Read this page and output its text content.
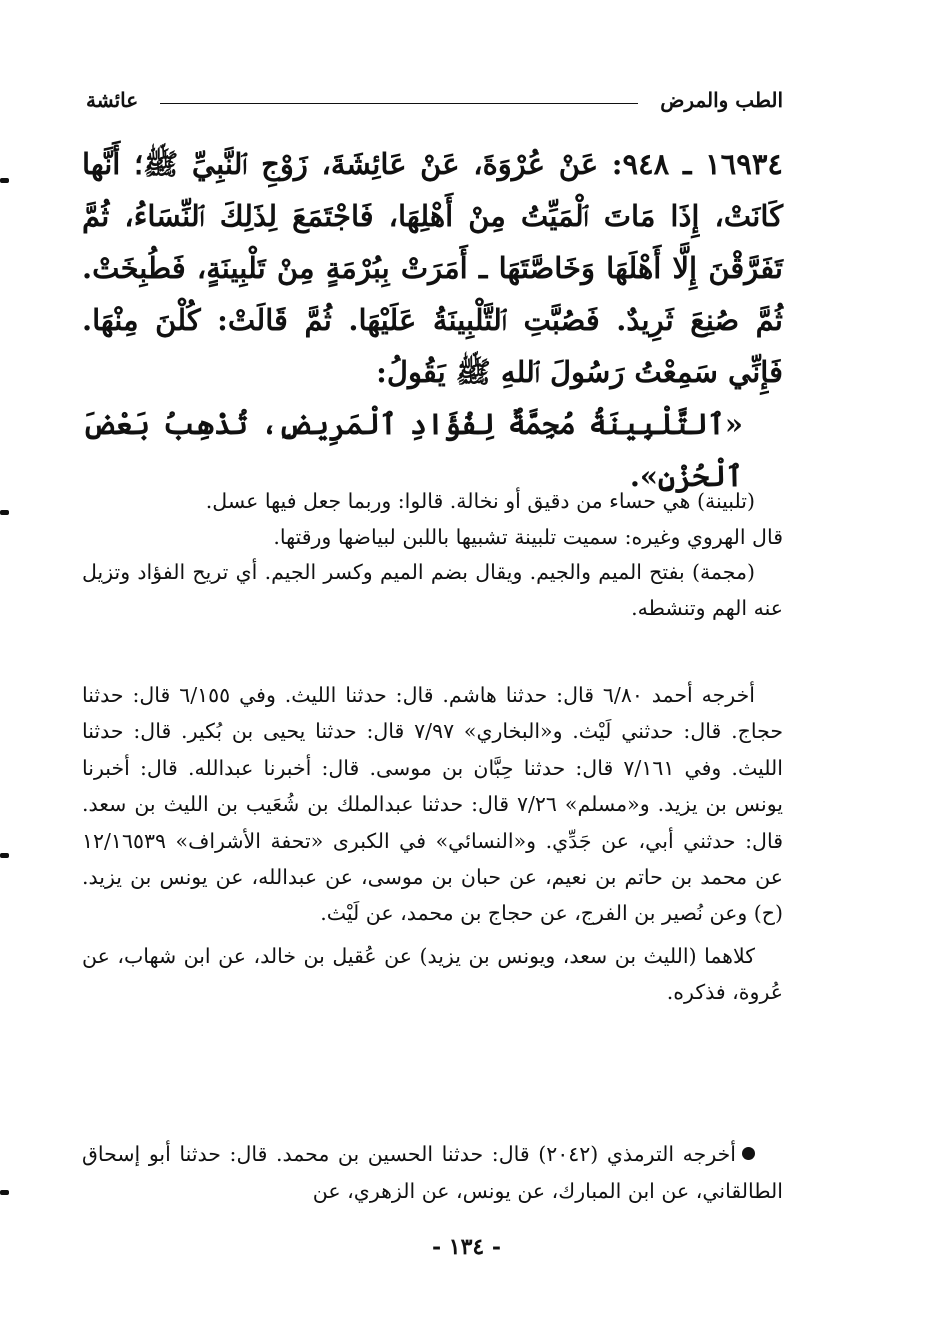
الطب والمرض
عائشة

١٦٩٣٤ ـ ٩٤٨: عَنْ عُرْوَةَ، عَنْ عَائِشَةَ، زَوْجِ ٱلنَّبِيِّ ﷺ؛ أَنَّها كَانَتْ، إِذَا مَاتَ ٱلْمَيِّتُ مِنْ أَهْلِهَا، فَاجْتَمَعَ لِذَلِكَ ٱلنِّسَاءُ، ثُمَّ تَفَرَّقْنَ إِلَّا أَهْلَهَا وَخَاصَّتَهَا ـ أَمَرَتْ بِبُرْمَةٍ مِنْ تَلْبِينَةٍ، فَطُبِخَتْ. ثُمَّ صُنِعَ ثَرِيدٌ. فَصُبَّتِ ٱلتَّلْبِينَةُ عَلَيْهَا. ثُمَّ قَالَتْ: كُلْنَ مِنْهَا. فَإِنِّي سَمِعْتُ رَسُولَ ٱللهِ ﷺ يَقُولُ:

«ٱلتَّلْبِينَةُ مُجِمَّةٌ لِفُؤَادِ ٱلْمَرِيضِ، تُذْهِبُ بَعْضَ ٱلْحُزْنِ».

(تلبينة) هي حساء من دقيق أو نخالة. قالوا: وربما جعل فيها عسل.

قال الهروي وغيره: سميت تلبينة تشبيها باللبن لبياضها ورقتها.

(مجمة) بفتح الميم والجيم. ويقال بضم الميم وكسر الجيم. أي تريح الفؤاد وتزيل عنه الهم وتنشطه.

أخرجه أحمد ٦/٨٠ قال: حدثنا هاشم. قال: حدثنا الليث. وفي ٦/١٥٥ قال: حدثنا حجاج. قال: حدثني لَيْث. و«البخاري» ٧/٩٧ قال: حدثنا يحيى بن بُكير. قال: حدثنا الليث. وفي ٧/١٦١ قال: حدثنا حِبَّان بن موسى. قال: أخبرنا عبدالله. قال: أخبرنا يونس بن يزيد. و«مسلم» ٧/٢٦ قال: حدثنا عبدالملك بن شُعَيب بن الليث بن سعد. قال: حدثني أبي، عن جَدِّي. و«النسائي» في الكبرى «تحفة الأشراف» ١٢/١٦٥٣٩ عن محمد بن حاتم بن نعيم، عن حبان بن موسى، عن عبدالله، عن يونس بن يزيد. (ح) وعن نُصير بن الفرج، عن حجاج بن محمد، عن لَيْث.

كلاهما (الليث بن سعد، ويونس بن يزيد) عن عُقيل بن خالد، عن ابن شهاب، عن عُروة، فذكره.

أخرجه الترمذي (٢٠٤٢) قال: حدثنا الحسين بن محمد. قال: حدثنا أبو إسحاق الطالقاني، عن ابن المبارك، عن يونس، عن الزهري، عن

- ١٣٤ -
